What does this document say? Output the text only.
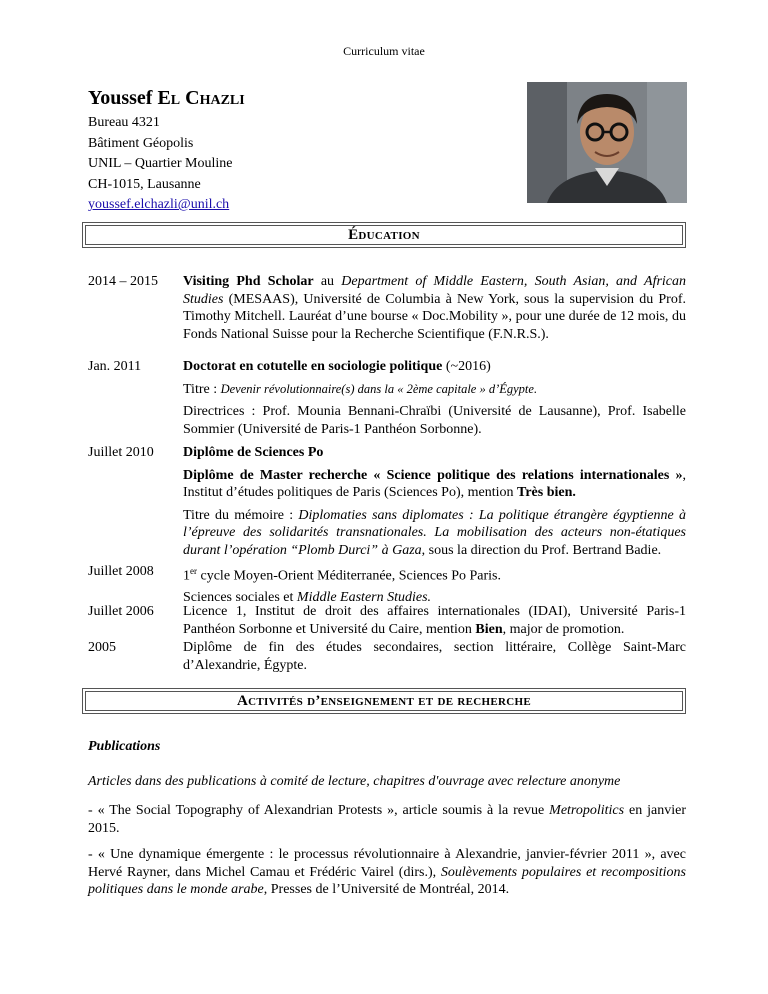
Curriculum vitae
Youssef El Chazli
Bureau 4321
Bâtiment Géopolis
UNIL – Quartier Mouline
CH-1015, Lausanne
youssef.elchazli@unil.ch
Éducation
2014 – 2015	Visiting Phd Scholar au Department of Middle Eastern, South Asian, and African Studies (MESAAS), Université de Columbia à New York, sous la supervision du Prof. Timothy Mitchell. Lauréat d’une bourse « Doc.Mobility », pour une durée de 12 mois, du Fonds National Suisse pour la Recherche Scientifique (F.N.R.S.).
Jan. 2011	Doctorat en cotutelle en sociologie politique (~2016)

Titre : Devenir révolutionnaire(s) dans la « 2ème capitale » d’Égypte.

Directrices : Prof. Mounia Bennani-Chraïbi (Université de Lausanne), Prof. Isabelle Sommier (Université de Paris-1 Panthéon Sorbonne).

Juillet 2010	Diplôme de Sciences Po

Diplôme de Master recherche « Science politique des relations internationales », Institut d’études politiques de Paris (Sciences Po), mention Très bien.

Titre du mémoire : Diplomaties sans diplomates : La politique étrangère égyptienne à l’épreuve des solidarités transnationales. La mobilisation des acteurs non-étatiques durant l’opération “Plomb Durci” à Gaza, sous la direction du Prof. Bertrand Badie.

Juillet 2008	1er cycle Moyen-Orient Méditerranée, Sciences Po Paris.
Sciences sociales et Middle Eastern Studies.
Juillet 2006	Licence 1, Institut de droit des affaires internationales (IDAI), Université Paris-1 Panthéon Sorbonne et Université du Caire, mention Bien, major de promotion.
2005	Diplôme de fin des études secondaires, section littéraire, Collège Saint-Marc d’Alexandrie, Égypte.
Activités d’enseignement et de recherche
Publications
Articles dans des publications à comité de lecture, chapitres d'ouvrage avec relecture anonyme
- « The Social Topography of Alexandrian Protests », article soumis à la revue Metropolitics en janvier 2015.
- « Une dynamique émergente : le processus révolutionnaire à Alexandrie, janvier-février 2011 », avec Hervé Rayner, dans Michel Camau et Frédéric Vairel (dirs.), Soulèvements populaires et recompositions politiques dans le monde arabe, Presses de l’Université de Montréal, 2014.
